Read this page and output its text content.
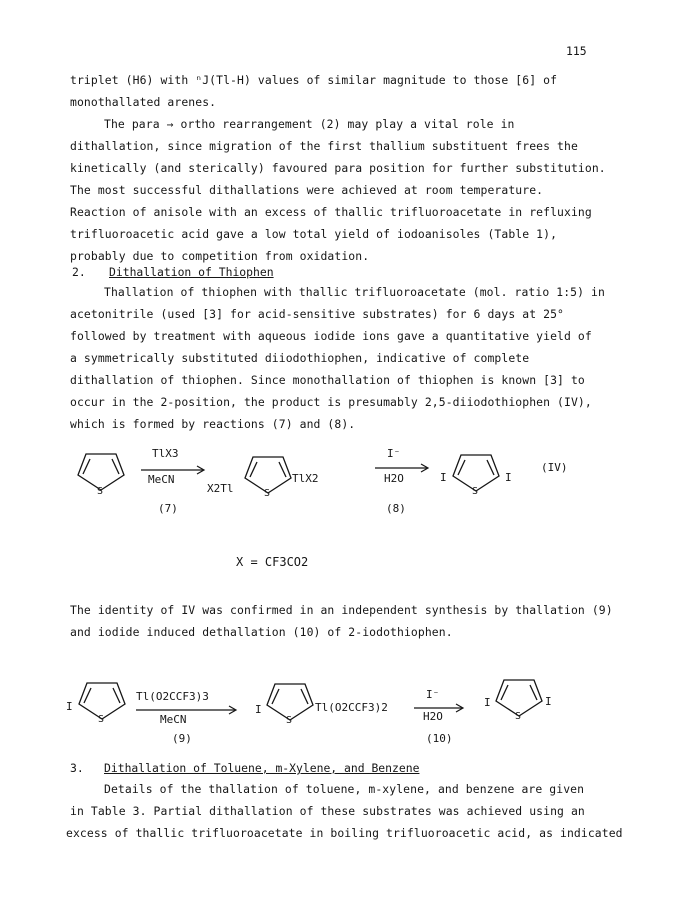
115
triplet (H6) with ⁿJ(Tl-H) values of similar magnitude to those [6] of
monothallated arenes.
The para → ortho rearrangement (2) may play a vital role in
dithallation, since migration of the first thallium substituent frees the
kinetically (and sterically) favoured para position for further substitution.
The most successful dithallations were achieved at room temperature.
Reaction of anisole with an excess of thallic trifluoroacetate in refluxing
trifluoroacetic acid gave a low total yield of iodoanisoles (Table 1),
probably due to competition from oxidation.
2. Dithallation of Thiophen
Thallation of thiophen with thallic trifluoroacetate (mol. ratio 1:5) in
acetonitrile (used [3] for acid-sensitive substrates) for 6 days at 25°
followed by treatment with aqueous iodide ions gave a quantitative yield of
a symmetrically substituted diiodothiophen, indicative of complete
dithallation of thiophen. Since monothallation of thiophen is known [3] to
occur in the 2-position, the product is presumably 2,5-diiodothiophen (IV),
which is formed by reactions (7) and (8).
S
TlX3
MeCN
X2Tl	S
TlX2
I⁻
H2O	I
S
I
(IV)
(7)	(8)
X = CF3CO2
The identity of IV was confirmed in an independent synthesis by thallation (9)
and iodide induced dethallation (10) of 2-iodothiophen.
I
S
Tl(O2CCF3)3
MeCN
(9)
I
S
Tl(O2CCF3)2
I⁻
H2O
(10)
I
S
I
3. Dithallation of Toluene, m-Xylene, and Benzene
Details of the thallation of toluene, m-xylene, and benzene are given
in Table 3. Partial dithallation of these substrates was achieved using an
excess of thallic trifluoroacetate in boiling trifluoroacetic acid, as indicated
